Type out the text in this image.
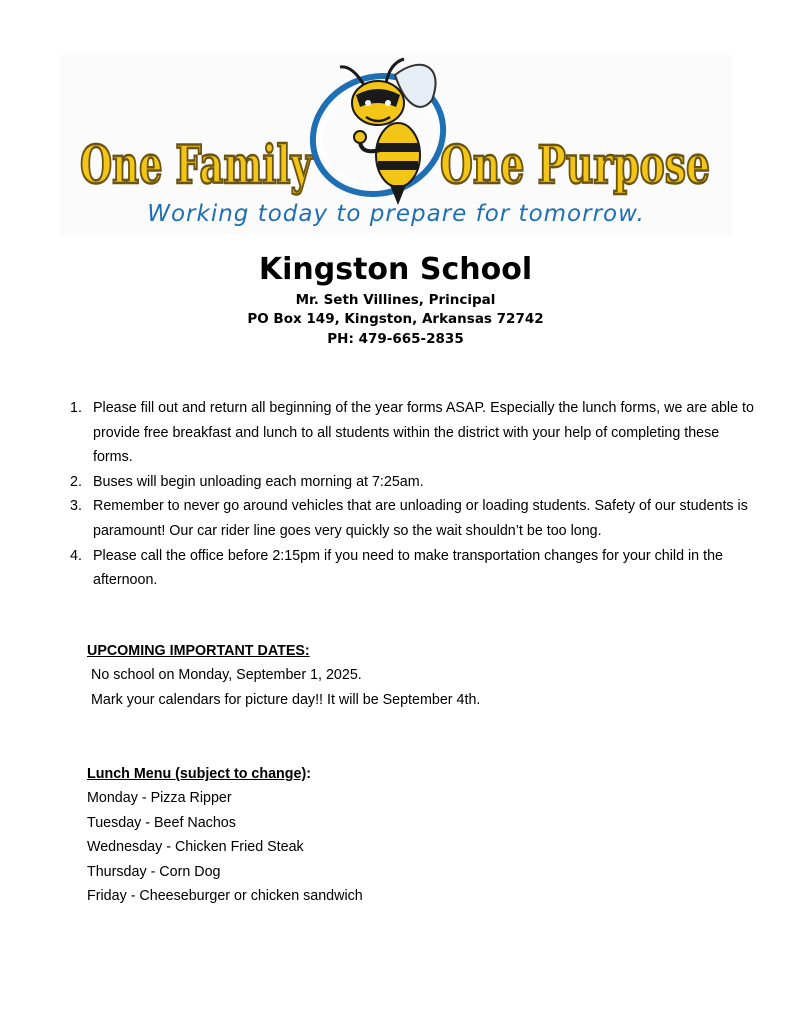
One Family One Purpose
Working today to prepare for tomorrow.
Kingston School
Mr. Seth Villines, Principal
PO Box 149, Kingston, Arkansas 72742
PH: 479-665-2835
1. Please fill out and return all beginning of the year forms ASAP. Especially the lunch forms, we are able to provide free breakfast and lunch to all students within the district with your help of completing these forms.
2. Buses will begin unloading each morning at 7:25am.
3. Remember to never go around vehicles that are unloading or loading students. Safety of our students is paramount! Our car rider line goes very quickly so the wait shouldn’t be too long.
4. Please call the office before 2:15pm if you need to make transportation changes for your child in the afternoon.
UPCOMING IMPORTANT DATES:
No school on Monday, September 1, 2025.
Mark your calendars for picture day!! It will be September 4th.
Lunch Menu (subject to change):
Monday - Pizza Ripper
Tuesday - Beef Nachos
Wednesday - Chicken Fried Steak
Thursday - Corn Dog
Friday - Cheeseburger or chicken sandwich
